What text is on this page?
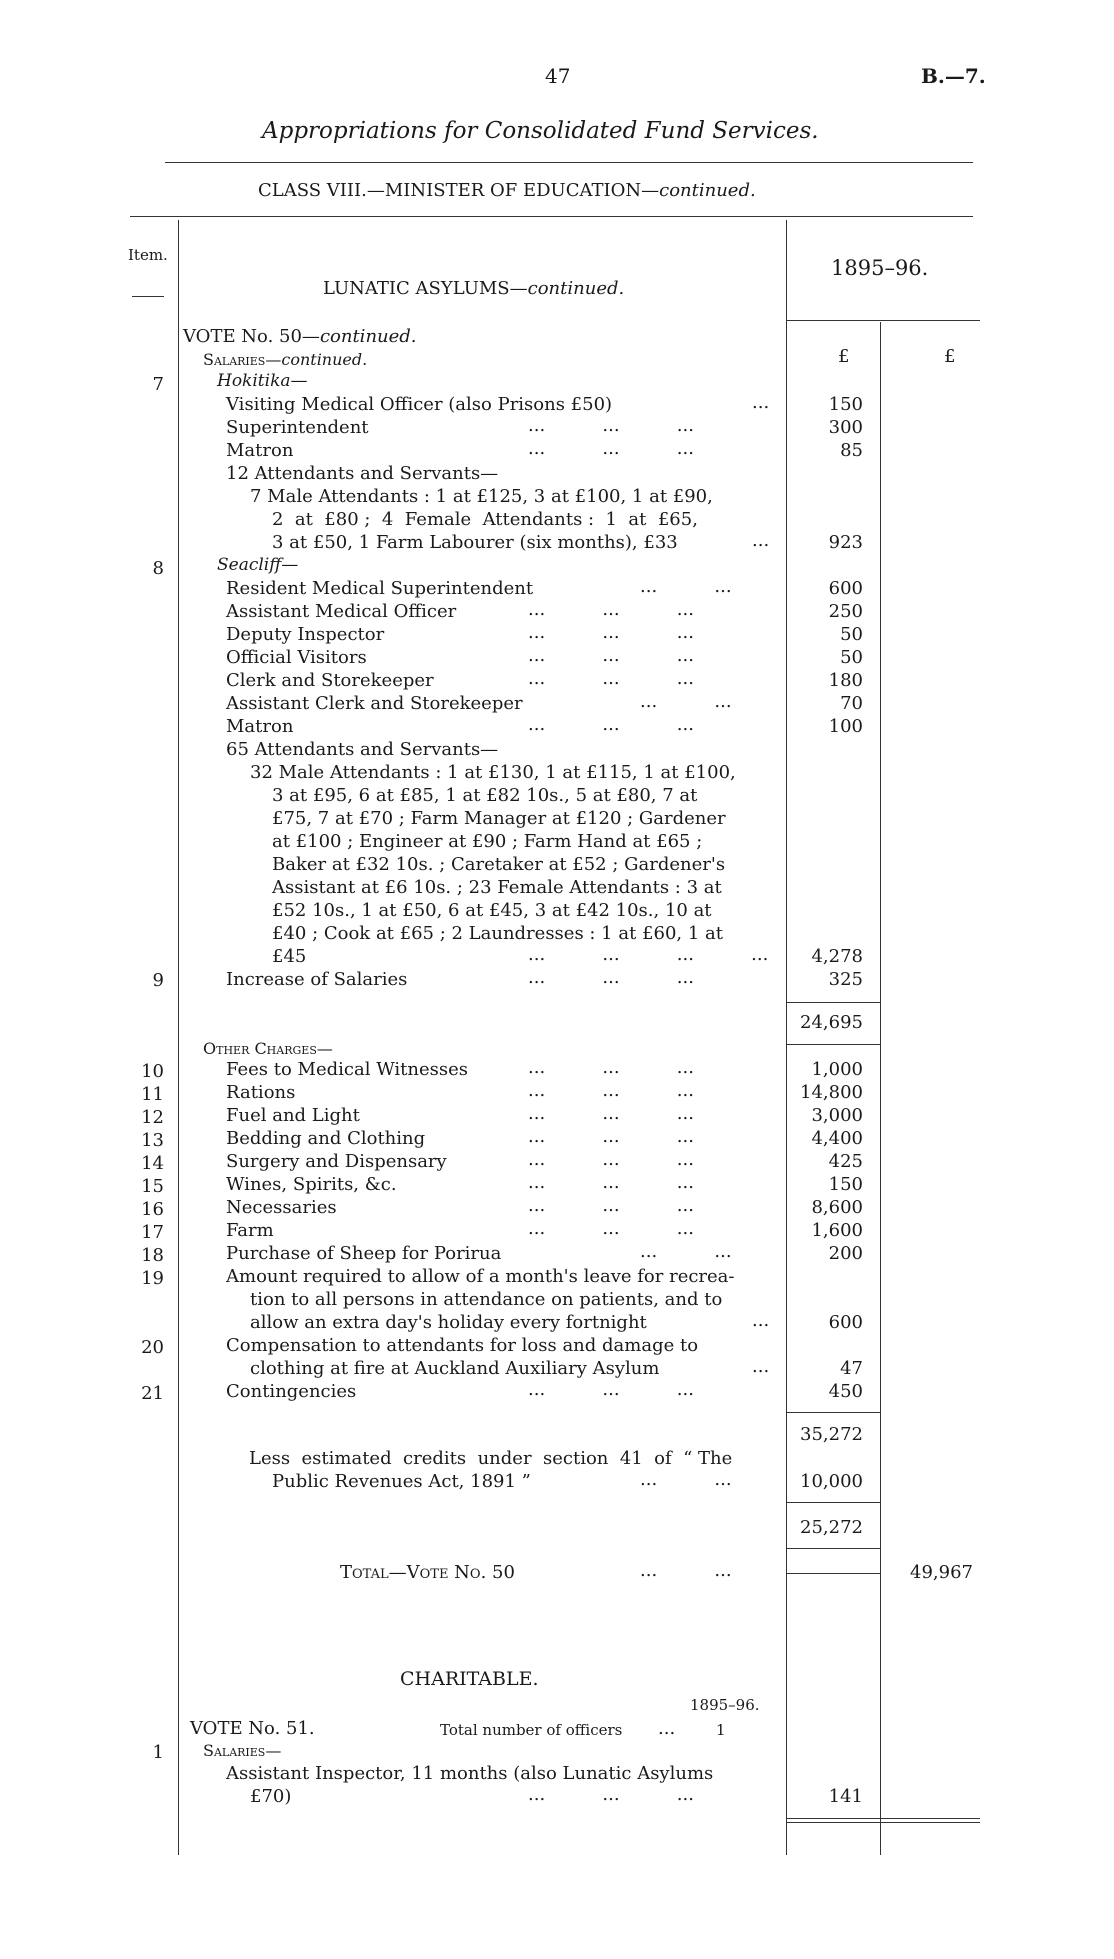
47	B.—7.
Appropriations for Consolidated Fund Services.
CLASS VIII.—MINISTER OF EDUCATION—continued.
Item.
LUNATIC ASYLUMS—continued.
1895–96.
£	£
VOTE No. 50—continued.
Salaries—continued.
7	Hokitika—
Visiting Medical Officer (also Prisons £50)	...	150
Superintendent	...          ...          ...	300
Matron	...          ...          ...	85
12 Attendants and Servants—
7 Male Attendants : 1 at £125, 3 at £100, 1 at £90,
2  at  £80 ;  4  Female  Attendants :  1  at  £65,
3 at £50, 1 Farm Labourer (six months), £33	...	923
8	Seacliff—
Resident Medical Superintendent	...          ...	600
Assistant Medical Officer	...          ...          ...	250
Deputy Inspector	...          ...          ...	50
Official Visitors	...          ...          ...	50
Clerk and Storekeeper	...          ...          ...	180
Assistant Clerk and Storekeeper	...          ...	70
Matron	...          ...          ...	100
65 Attendants and Servants—
32 Male Attendants : 1 at £130, 1 at £115, 1 at £100,
3 at £95, 6 at £85, 1 at £82 10s., 5 at £80, 7 at
£75, 7 at £70 ; Farm Manager at £120 ; Gardener
at £100 ; Engineer at £90 ; Farm Hand at £65 ;
Baker at £32 10s. ; Caretaker at £52 ; Gardener's
Assistant at £6 10s. ; 23 Female Attendants : 3 at
£52 10s., 1 at £50, 6 at £45, 3 at £42 10s., 10 at
£40 ; Cook at £65 ; 2 Laundresses : 1 at £60, 1 at
£45	...          ...          ...          ...	4,278
9	Increase of Salaries	...          ...          ...	325
24,695
Other Charges—
10	Fees to Medical Witnesses	...          ...          ...	1,000
11	Rations	...          ...          ...	14,800
12	Fuel and Light	...          ...          ...	3,000
13	Bedding and Clothing	...          ...          ...	4,400
14	Surgery and Dispensary	...          ...          ...	425
15	Wines, Spirits, &c.	...          ...          ...	150
16	Necessaries	...          ...          ...	8,600
17	Farm	...          ...          ...	1,600
18	Purchase of Sheep for Porirua	...          ...	200
19	Amount required to allow of a month's leave for recrea-
tion to all persons in attendance on patients, and to
allow an extra day's holiday every fortnight	...	600
20	Compensation to attendants for loss and damage to
clothing at fire at Auckland Auxiliary Asylum	...	47
21	Contingencies	...          ...          ...	450
35,272
Less  estimated  credits  under  section  41  of  “ The
Public Revenues Act, 1891 ”	...          ...	10,000
25,272
Total—Vote No. 50	...          ...	49,967
CHARITABLE.
1895–96.
VOTE No. 51.	Total number of officers ...	1
1 Salaries—
Assistant Inspector, 11 months (also Lunatic Asylums
£70)	...          ...          ...	141
